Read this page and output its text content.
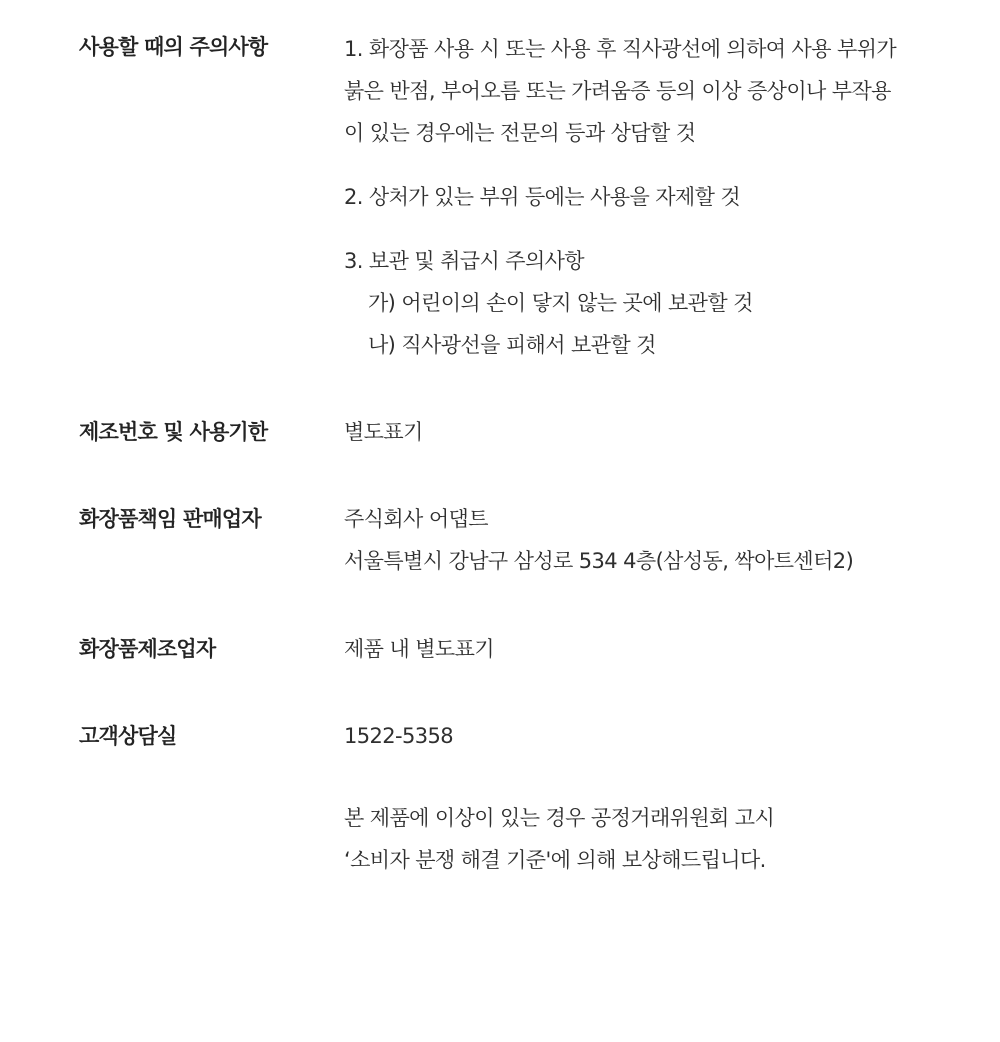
사용할 때의 주의사항	1. 화장품 사용 시 또는 사용 후 직사광선에 의하여 사용 부위가
붉은 반점, 부어오름 또는 가려움증 등의 이상 증상이나 부작용
이 있는 경우에는 전문의 등과 상담할 것

2. 상처가 있는 부위 등에는 사용을 자제할 것

3. 보관 및 취급시 주의사항
가) 어린이의 손이 닿지 않는 곳에 보관할 것
나) 직사광선을 피해서 보관할 것
제조번호 및 사용기한	별도표기
화장품책임 판매업자	주식회사 어댑트
서울특별시 강남구 삼성로 534 4층(삼성동, 싹아트센터2)
화장품제조업자	제품 내 별도표기
고객상담실	1522-5358
본 제품에 이상이 있는 경우 공정거래위원회 고시
‘소비자 분쟁 해결 기준'에 의해 보상해드립니다.
